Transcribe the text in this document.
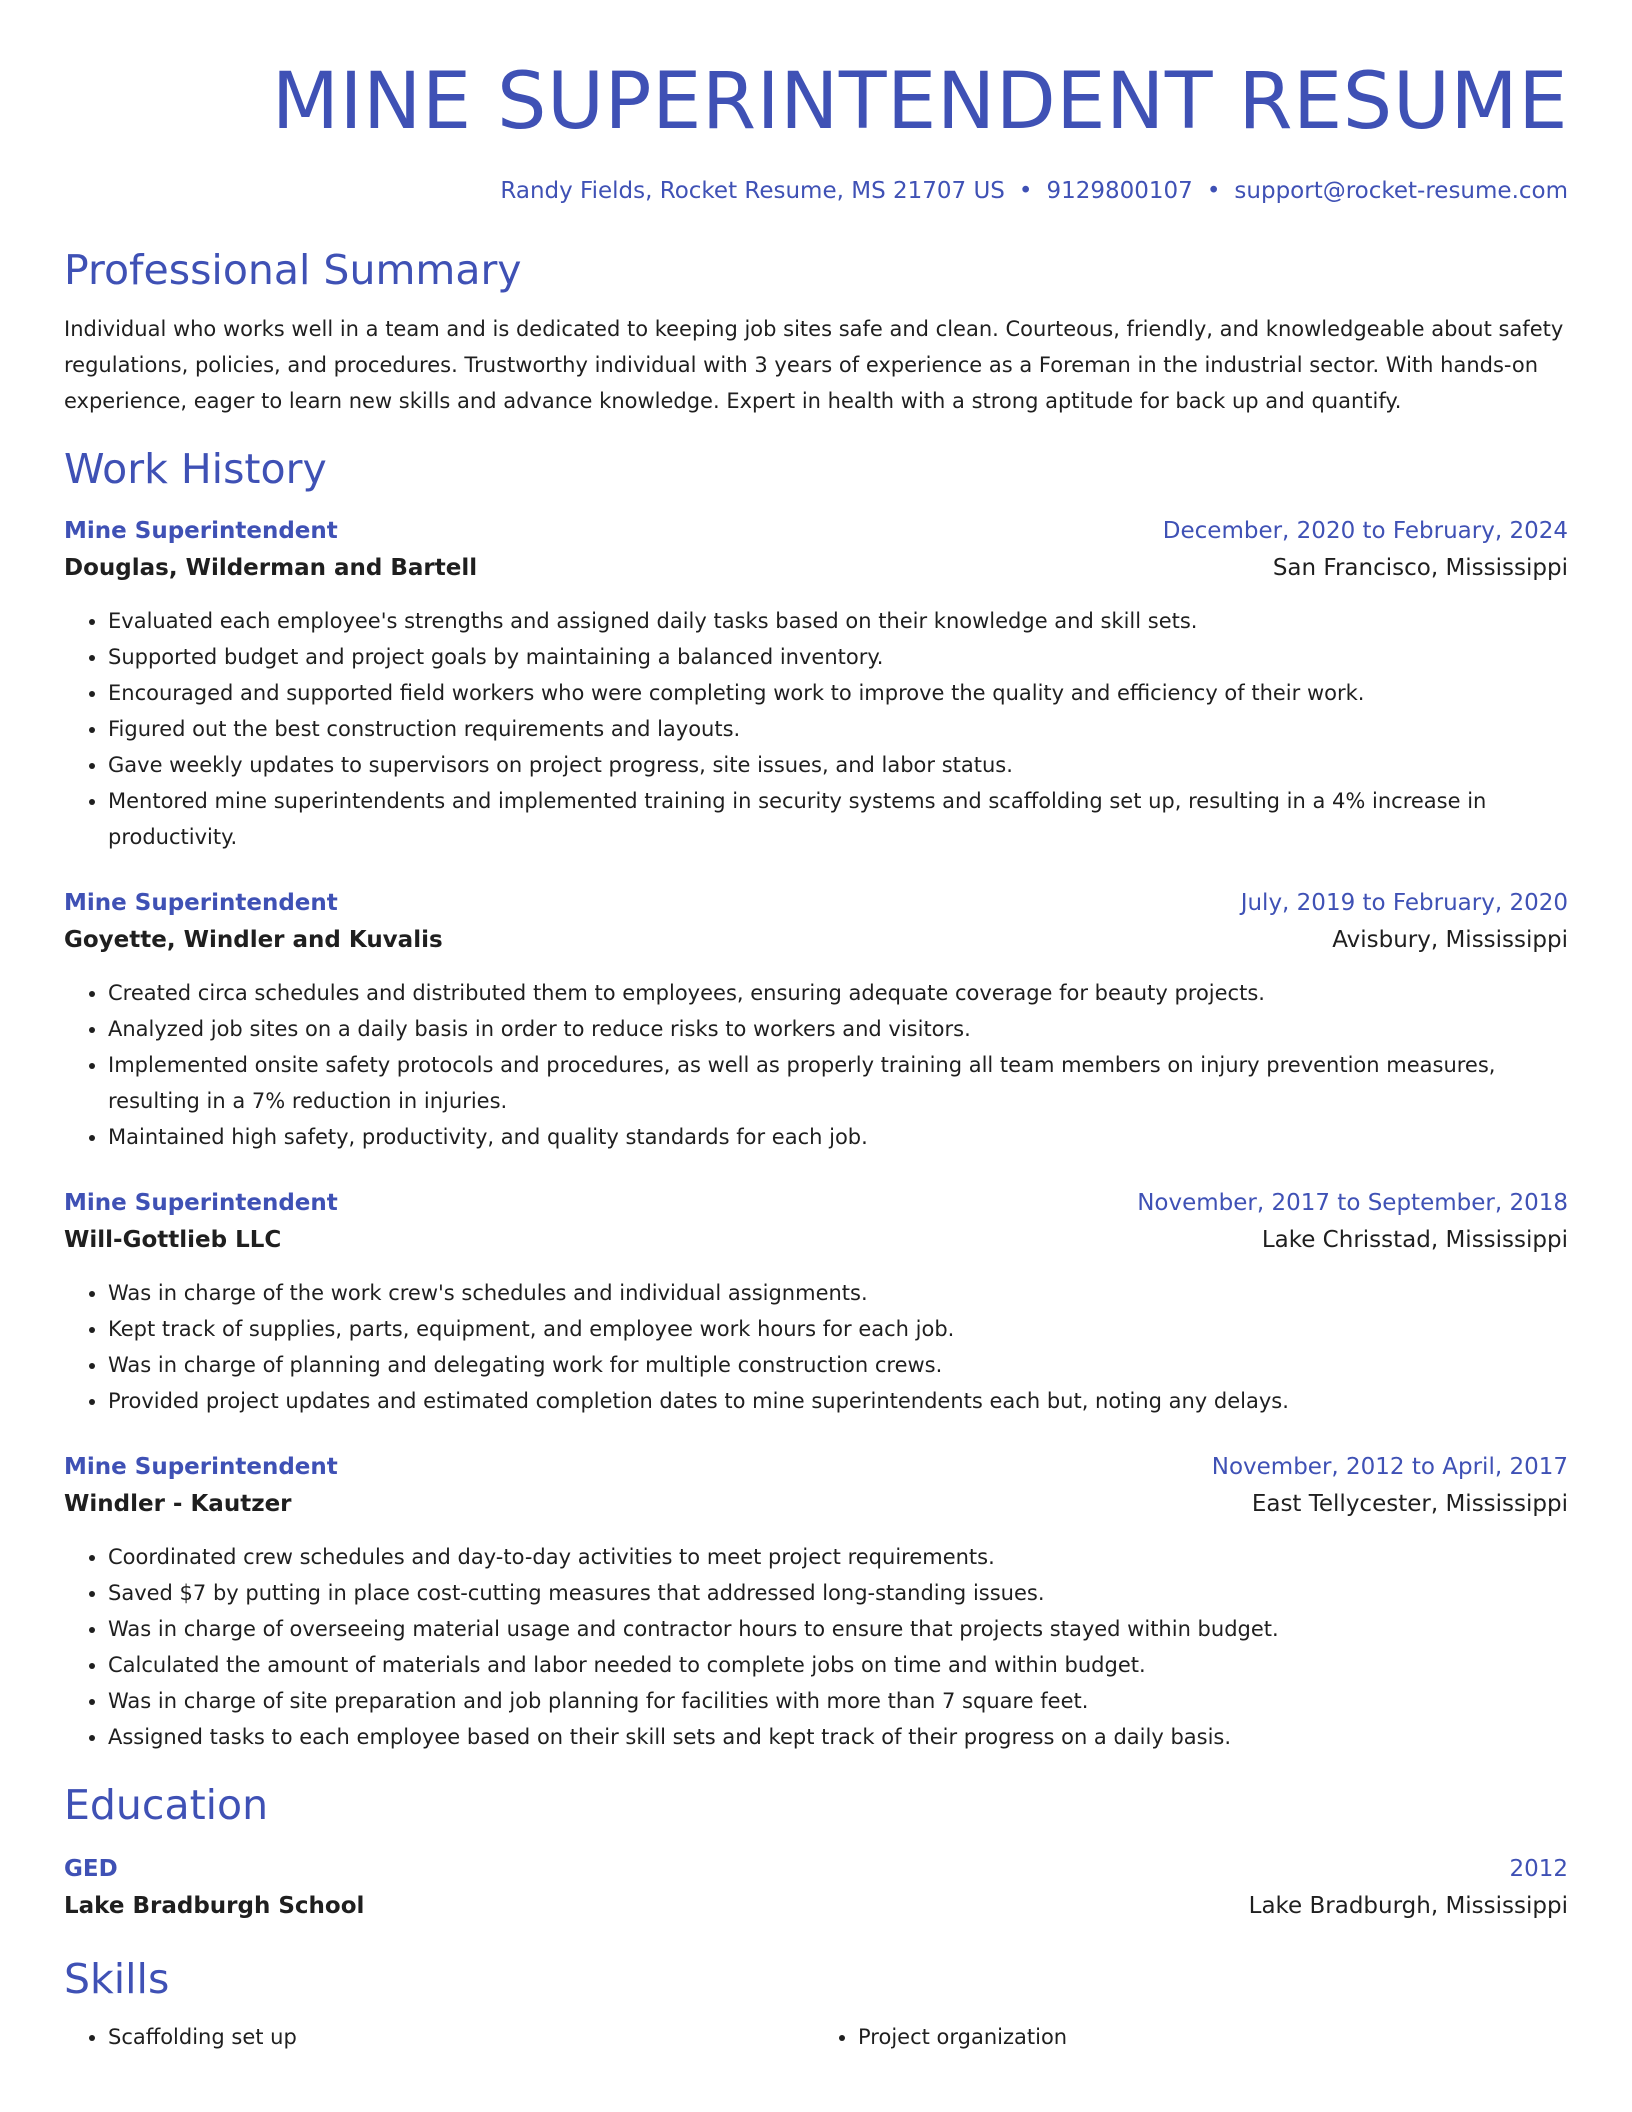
MINE SUPERINTENDENT RESUME
Randy Fields, Rocket Resume, MS 21707 US • 9129800107 • support@rocket-resume.com
Professional Summary
Individual who works well in a team and is dedicated to keeping job sites safe and clean. Courteous, friendly, and knowledgeable about safety regulations, policies, and procedures. Trustworthy individual with 3 years of experience as a Foreman in the industrial sector. With hands-on experience, eager to learn new skills and advance knowledge. Expert in health with a strong aptitude for back up and quantify.
Work History
Mine Superintendent	December, 2020 to February, 2024
Douglas, Wilderman and Bartell	San Francisco, Mississippi
• Evaluated each employee's strengths and assigned daily tasks based on their knowledge and skill sets.
• Supported budget and project goals by maintaining a balanced inventory.
• Encouraged and supported field workers who were completing work to improve the quality and efficiency of their work.
• Figured out the best construction requirements and layouts.
• Gave weekly updates to supervisors on project progress, site issues, and labor status.
• Mentored mine superintendents and implemented training in security systems and scaffolding set up, resulting in a 4% increase in productivity.
Mine Superintendent	July, 2019 to February, 2020
Goyette, Windler and Kuvalis	Avisbury, Mississippi
• Created circa schedules and distributed them to employees, ensuring adequate coverage for beauty projects.
• Analyzed job sites on a daily basis in order to reduce risks to workers and visitors.
• Implemented onsite safety protocols and procedures, as well as properly training all team members on injury prevention measures, resulting in a 7% reduction in injuries.
• Maintained high safety, productivity, and quality standards for each job.
Mine Superintendent	November, 2017 to September, 2018
Will-Gottlieb LLC	Lake Chrisstad, Mississippi
• Was in charge of the work crew's schedules and individual assignments.
• Kept track of supplies, parts, equipment, and employee work hours for each job.
• Was in charge of planning and delegating work for multiple construction crews.
• Provided project updates and estimated completion dates to mine superintendents each but, noting any delays.
Mine Superintendent	November, 2012 to April, 2017
Windler - Kautzer	East Tellycester, Mississippi
• Coordinated crew schedules and day-to-day activities to meet project requirements.
• Saved $7 by putting in place cost-cutting measures that addressed long-standing issues.
• Was in charge of overseeing material usage and contractor hours to ensure that projects stayed within budget.
• Calculated the amount of materials and labor needed to complete jobs on time and within budget.
• Was in charge of site preparation and job planning for facilities with more than 7 square feet.
• Assigned tasks to each employee based on their skill sets and kept track of their progress on a daily basis.
Education
GED	2012
Lake Bradburgh School	Lake Bradburgh, Mississippi
Skills
• Scaffolding set up
•	Project organization
